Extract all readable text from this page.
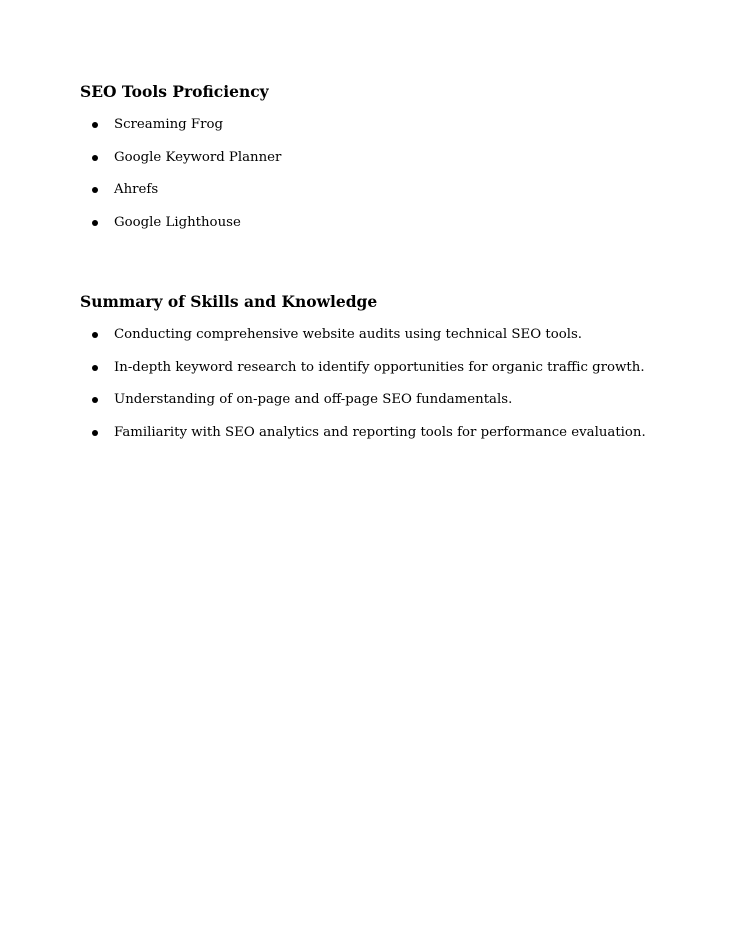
SEO Tools Proficiency
Screaming Frog
Google Keyword Planner
Ahrefs
Google Lighthouse
Summary of Skills and Knowledge
Conducting comprehensive website audits using technical SEO tools.
In-depth keyword research to identify opportunities for organic traffic growth.
Understanding of on-page and off-page SEO fundamentals.
Familiarity with SEO analytics and reporting tools for performance evaluation.
